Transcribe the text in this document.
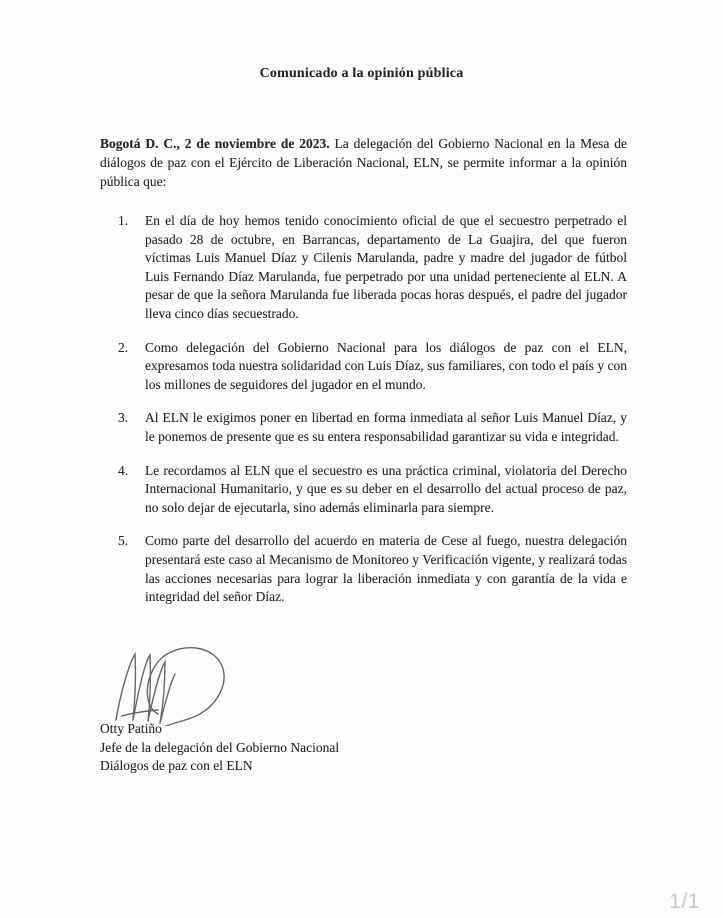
Comunicado a la opinión pública

Bogotá D. C., 2 de noviembre de 2023. La delegación del Gobierno Nacional en la Mesa de diálogos de paz con el Ejército de Liberación Nacional, ELN, se permite informar a la opinión pública que:

1.	En el día de hoy hemos tenido conocimiento oficial de que el secuestro perpetrado el pasado 28 de octubre, en Barrancas, departamento de La Guajira, del que fueron víctimas Luis Manuel Díaz y Cilenis Marulanda, padre y madre del jugador de fútbol Luis Fernando Díaz Marulanda, fue perpetrado por una unidad perteneciente al ELN. A pesar de que la señora Marulanda fue liberada pocas horas después, el padre del jugador lleva cinco días secuestrado.
2.	Como delegación del Gobierno Nacional para los diálogos de paz con el ELN, expresamos toda nuestra solidaridad con Luis Díaz, sus familiares, con todo el país y con los millones de seguidores del jugador en el mundo.
3.	Al ELN le exigimos poner en libertad en forma inmediata al señor Luis Manuel Díaz, y le ponemos de presente que es su entera responsabilidad garantizar su vida e integridad.
4.	Le recordamos al ELN que el secuestro es una práctica criminal, violatoria del Derecho Internacional Humanitario, y que es su deber en el desarrollo del actual proceso de paz, no solo dejar de ejecutarla, sino además eliminarla para siempre.
5.	Como parte del desarrollo del acuerdo en materia de Cese al fuego, nuestra delegación presentará este caso al Mecanismo de Monitoreo y Verificación vigente, y realizará todas las acciones necesarias para lograr la liberación inmediata y con garantía de la vida e integridad del señor Díaz.
Otty Patiño
Jefe de la delegación del Gobierno Nacional
Diálogos de paz con el ELN
1/1
